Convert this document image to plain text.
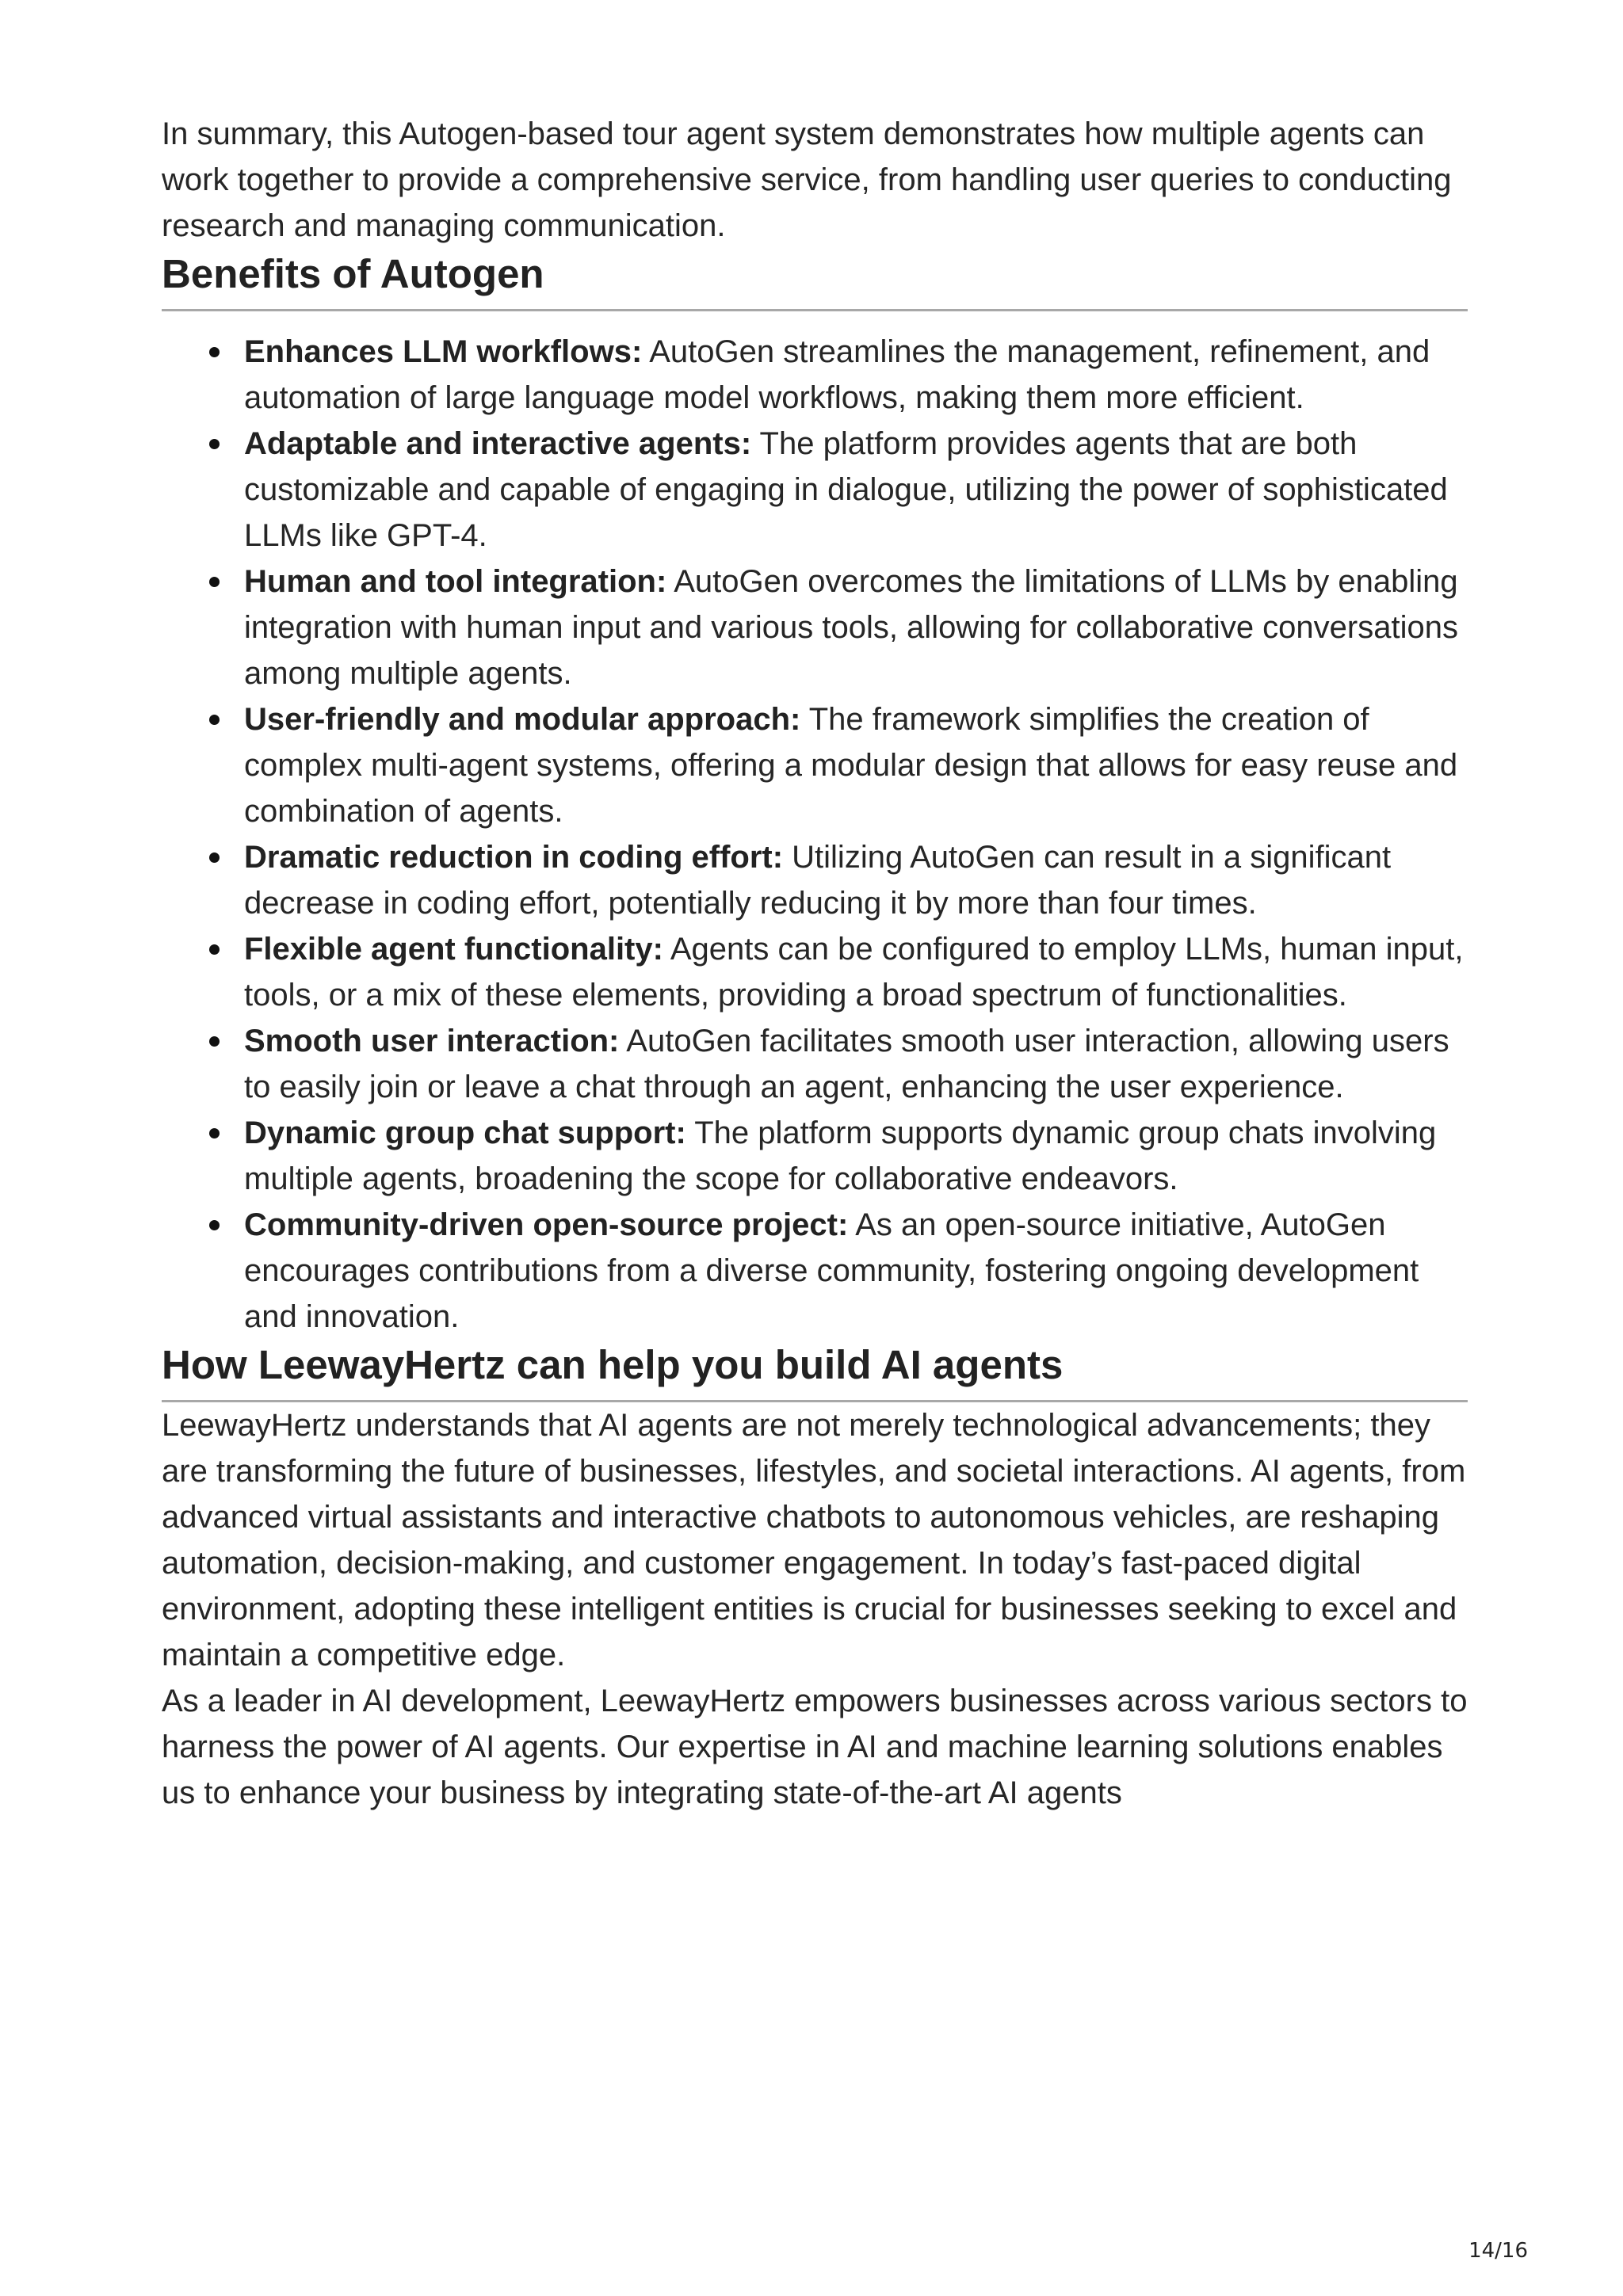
In summary, this Autogen-based tour agent system demonstrates how multiple agents can work together to provide a comprehensive service, from handling user queries to conducting research and managing communication.

Benefits of Autogen
Enhances LLM workflows: AutoGen streamlines the management, refinement, and automation of large language model workflows, making them more efficient.
Adaptable and interactive agents: The platform provides agents that are both customizable and capable of engaging in dialogue, utilizing the power of sophisticated LLMs like GPT-4.
Human and tool integration: AutoGen overcomes the limitations of LLMs by enabling integration with human input and various tools, allowing for collaborative conversations among multiple agents.
User-friendly and modular approach: The framework simplifies the creation of complex multi-agent systems, offering a modular design that allows for easy reuse and combination of agents.
Dramatic reduction in coding effort: Utilizing AutoGen can result in a significant decrease in coding effort, potentially reducing it by more than four times.
Flexible agent functionality: Agents can be configured to employ LLMs, human input, tools, or a mix of these elements, providing a broad spectrum of functionalities.
Smooth user interaction: AutoGen facilitates smooth user interaction, allowing users to easily join or leave a chat through an agent, enhancing the user experience.
Dynamic group chat support: The platform supports dynamic group chats involving multiple agents, broadening the scope for collaborative endeavors.
Community-driven open-source project: As an open-source initiative, AutoGen encourages contributions from a diverse community, fostering ongoing development and innovation.
How LeewayHertz can help you build AI agents

LeewayHertz understands that AI agents are not merely technological advancements; they are transforming the future of businesses, lifestyles, and societal interactions. AI agents, from advanced virtual assistants and interactive chatbots to autonomous vehicles, are reshaping automation, decision-making, and customer engagement. In today’s fast-paced digital environment, adopting these intelligent entities is crucial for businesses seeking to excel and maintain a competitive edge.

As a leader in AI development, LeewayHertz empowers businesses across various sectors to harness the power of AI agents. Our expertise in AI and machine learning solutions enables us to enhance your business by integrating state-of-the-art AI agents

14/16
